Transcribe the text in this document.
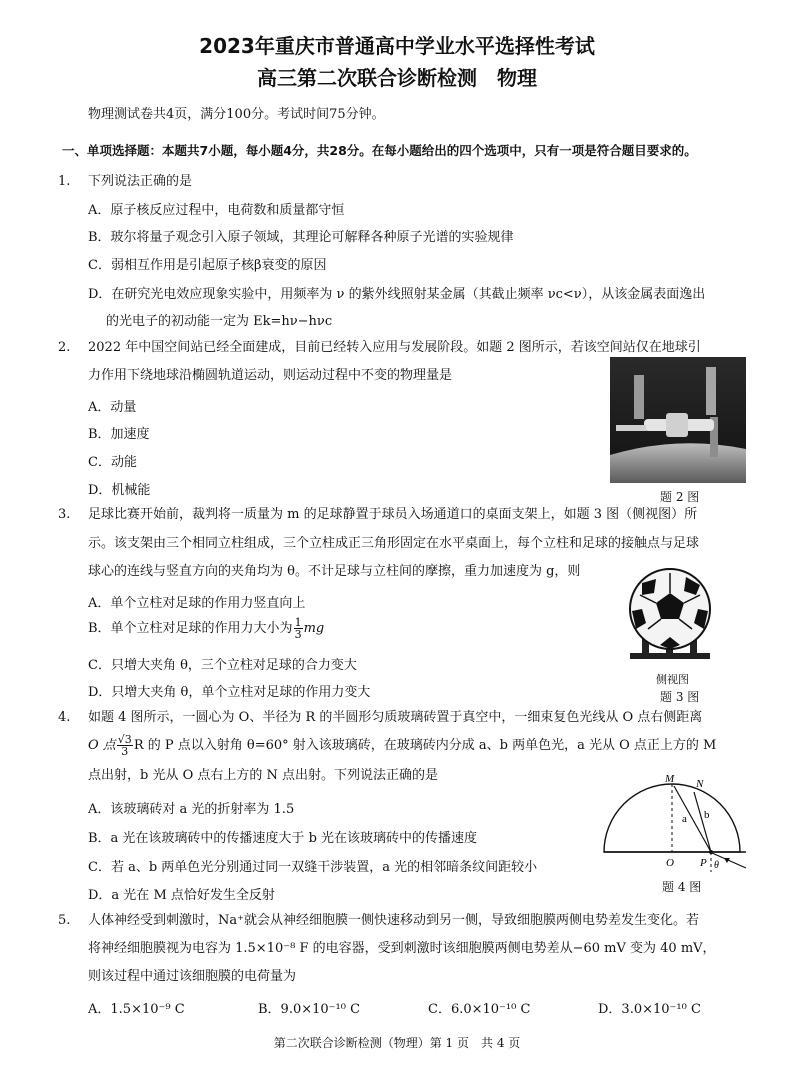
2023年重庆市普通高中学业水平选择性考试
高三第二次联合诊断检测　物理
物理测试卷共4页，满分100分。考试时间75分钟。
一、单项选择题：本题共7小题，每小题4分，共28分。在每小题给出的四个选项中，只有一项是符合题目要求的。
1. 下列说法正确的是
A．原子核反应过程中，电荷数和质量都守恒
B．玻尔将量子观念引入原子领域，其理论可解释各种原子光谱的实验规律
C．弱相互作用是引起原子核β衰变的原因
D．在研究光电效应现象实验中，用频率为 ν 的紫外线照射某金属（其截止频率 νc<ν），从该金属表面逸出
的光电子的初动能一定为 Ek=hν−hνc
2. 2022 年中国空间站已经全面建成，目前已经转入应用与发展阶段。如题 2 图所示，若该空间站仅在地球引
力作用下绕地球沿椭圆轨道运动，则运动过程中不变的物理量是
A．动量
B．加速度
C．动能
D．机械能	题 2 图
3. 足球比赛开始前，裁判将一质量为 m 的足球静置于球员入场通道口的桌面支架上，如题 3 图（侧视图）所
示。该支架由三个相同立柱组成，三个立柱成正三角形固定在水平桌面上，每个立柱和足球的接触点与足球
球心的连线与竖直方向的夹角均为 θ。不计足球与立柱间的摩擦，重力加速度为 g，则
A．单个立柱对足球的作用力竖直向上
B．单个立柱对足球的作用力大小为 $\frac{1}{3}$ mg
C．只增大夹角 θ，三个立柱对足球的合力变大
D．只增大夹角 θ，单个立柱对足球的作用力变大
侧视图
题 3 图
4. 如题 4 图所示，一圆心为 O、半径为 R 的半圆形匀质玻璃砖置于真空中，一细束复色光线从 O 点右侧距离
O 点 $\frac{√3}{3}$ R 的 P 点以入射角 θ=60° 射入该玻璃砖，在玻璃砖内分成 a、b 两单色光，a 光从 O 点正上方的 M
点出射，b 光从 O 点右上方的 N 点出射。下列说法正确的是
A．该玻璃砖对 a 光的折射率为 1.5
B．a 光在该玻璃砖中的传播速度大于 b 光在该玻璃砖中的传播速度
C．若 a、b 两单色光分别通过同一双缝干涉装置，a 光的相邻暗条纹间距较小
D．a 光在 M 点恰好发生全反射
M N
O P
a b
θ
题 4 图
5. 人体神经受到刺激时，Na⁺就会从神经细胞膜一侧快速移动到另一侧，导致细胞膜两侧电势差发生变化。若
将神经细胞膜视为电容为 1.5×10⁻⁸ F 的电容器，受到刺激时该细胞膜两侧电势差从−60 mV 变为 40 mV，
则该过程中通过该细胞膜的电荷量为
A．1.5×10⁻⁹ C	B．9.0×10⁻¹⁰ C	C．6.0×10⁻¹⁰ C	D．3.0×10⁻¹⁰ C
第二次联合诊断检测（物理）第 1 页　共 4 页
